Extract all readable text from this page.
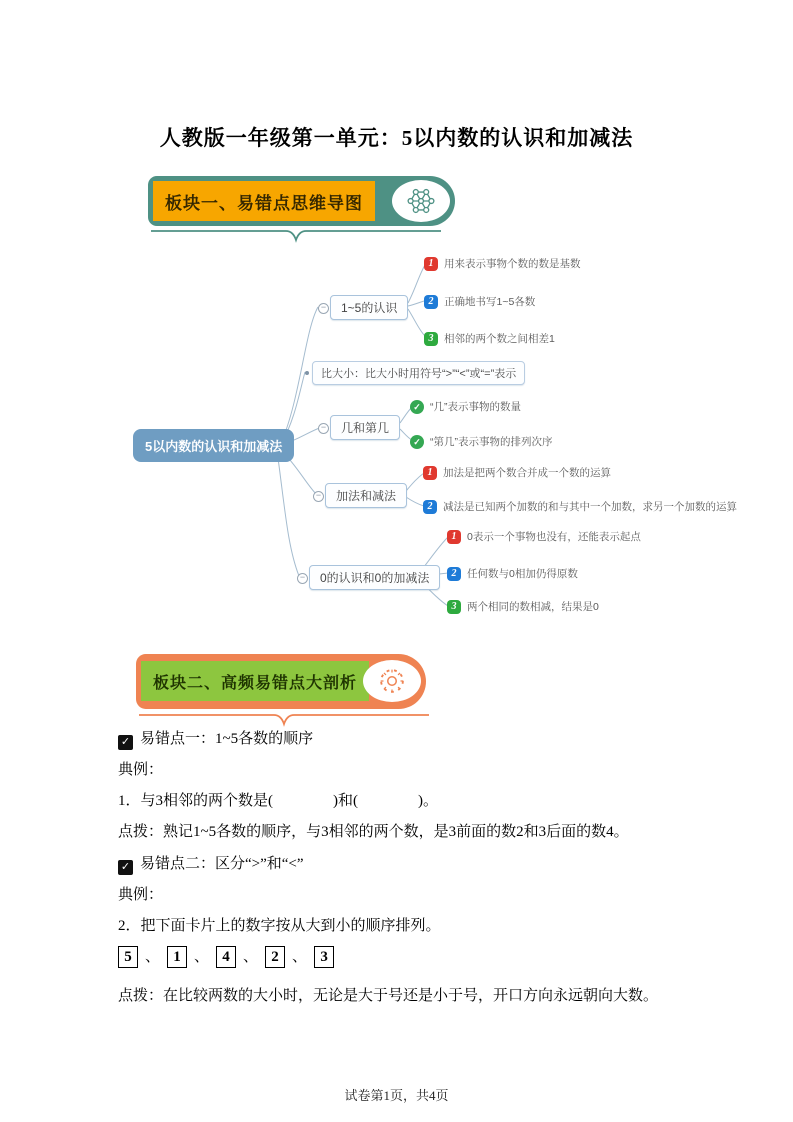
人教版一年级第一单元：5以内数的认识和加减法
板块一、易错点思维导图
5以内数的认识和加减法
− 1~5的认识
比大小：比大小时用符号“>”“<”或“=”表示
− 几和第几
− 加法和减法
− 0的认识和0的加减法
1	用来表示事物个数的数是基数
2	正确地书写1~5各数
3	相邻的两个数之间相差1
✓ “几”表示事物的数量
✓ “第几”表示事物的排列次序
1	加法是把两个数合并成一个数的运算
2	减法是已知两个加数的和与其中一个加数，求另一个加数的运算
1	0表示一个事物也没有，还能表示起点
2	任何数与0相加仍得原数
3	两个相同的数相减，结果是0
板块二、高频易错点大剖析
✓ 易错点一：1~5各数的顺序
典例：
1．与3相邻的两个数是(　　　　)和(　　　　)。
点拨：熟记1~5各数的顺序，与3相邻的两个数，是3前面的数2和3后面的数4。
✓ 易错点二：区分“>”和“<”
典例：
2．把下面卡片上的数字按从大到小的顺序排列。
5 、 1 、 4 、 2 、 3
点拨：在比较两数的大小时，无论是大于号还是小于号，开口方向永远朝向大数。
试卷第1页，共4页
